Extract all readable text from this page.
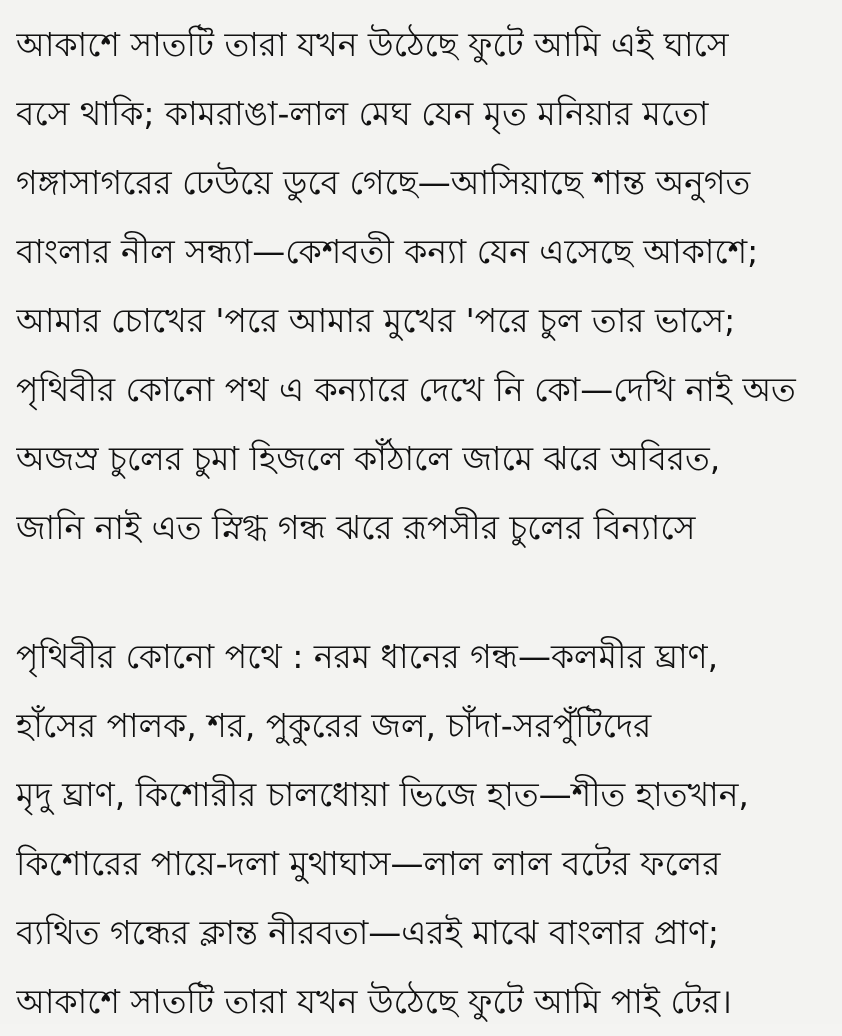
আকাশে সাতটি তারা যখন উঠেছে ফুটে আমি এই ঘাসে
বসে থাকি; কামরাঙা-লাল মেঘ যেন মৃত মনিয়ার মতো
গঙ্গাসাগরের ঢেউয়ে ডুবে গেছে—আসিয়াছে শান্ত অনুগত
বাংলার নীল সন্ধ্যা—কেশবতী কন্যা যেন এসেছে আকাশে;
আমার চোখের 'পরে আমার মুখের 'পরে চুল তার ভাসে;
পৃথিবীর কোনো পথ এ কন্যারে দেখে নি কো—দেখি নাই অত
অজস্র চুলের চুমা হিজলে কাঁঠালে জামে ঝরে অবিরত,
জানি নাই এত স্নিগ্ধ গন্ধ ঝরে রূপসীর চুলের বিন্যাসে
পৃথিবীর কোনো পথে : নরম ধানের গন্ধ—কলমীর ঘ্রাণ,
হাঁসের পালক, শর, পুকুরের জল, চাঁদা-সরপুঁটিদের
মৃদু ঘ্রাণ, কিশোরীর চালধোয়া ভিজে হাত—শীত হাতখান,
কিশোরের পায়ে-দলা মুথাঘাস—লাল লাল বটের ফলের
ব্যথিত গন্ধের ক্লান্ত নীরবতা—এরই মাঝে বাংলার প্রাণ;
আকাশে সাতটি তারা যখন উঠেছে ফুটে আমি পাই টের।
